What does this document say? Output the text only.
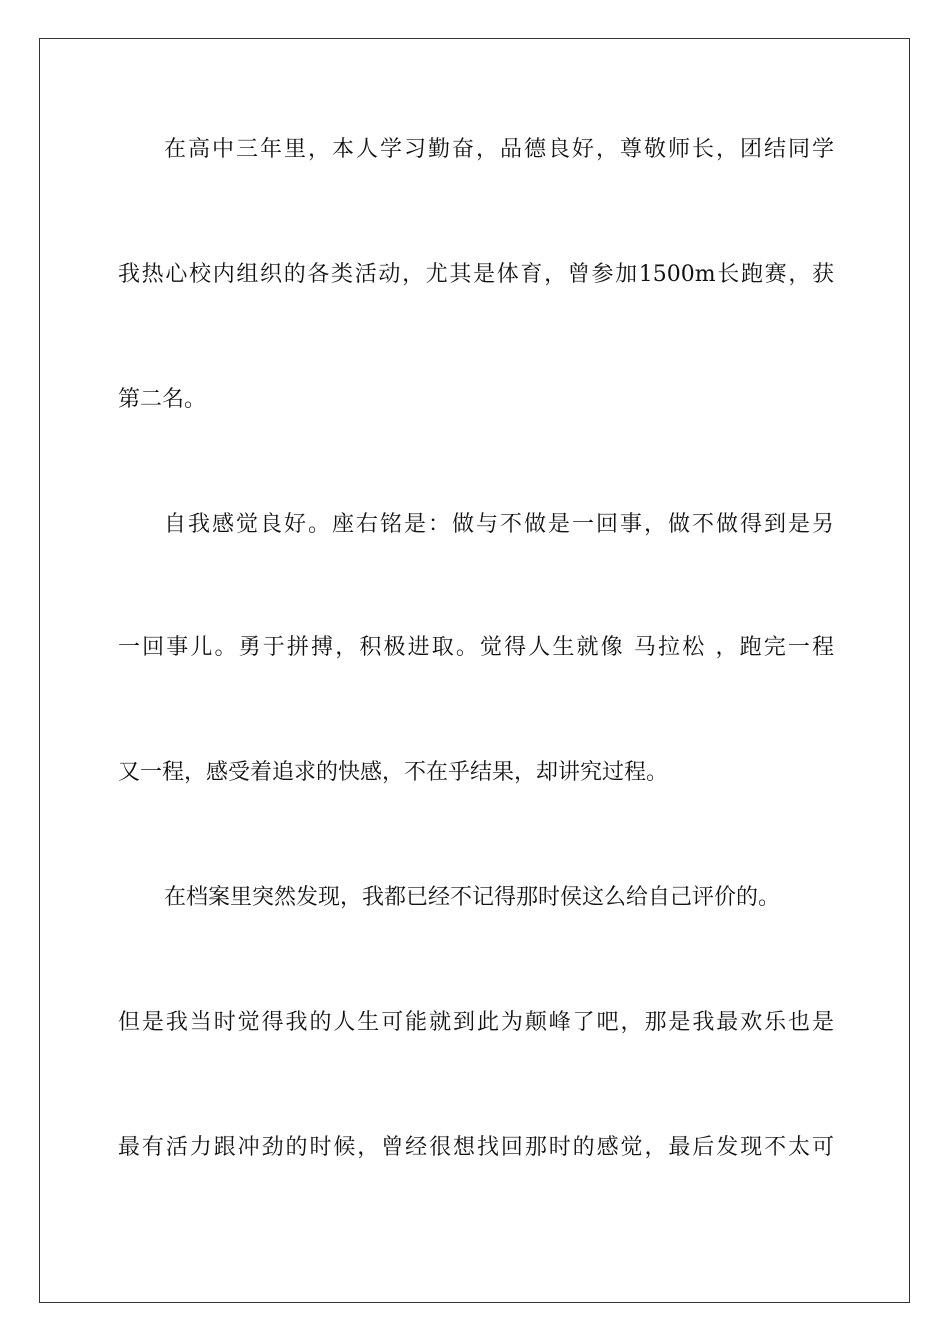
在高中三年里，本人学习勤奋，品德良好，尊敬师长，团结同学
我热心校内组织的各类活动，尤其是体育，曾参加1500m长跑赛，获
第二名。
自我感觉良好。座右铭是：做与不做是一回事，做不做得到是另
一回事儿。勇于拼搏，积极进取。觉得人生就像 马拉松 ，跑完一程
又一程，感受着追求的快感，不在乎结果，却讲究过程。
在档案里突然发现，我都已经不记得那时侯这么给自己评价的。
但是我当时觉得我的人生可能就到此为颠峰了吧，那是我最欢乐也是
最有活力跟冲劲的时候，曾经很想找回那时的感觉，最后发现不太可
